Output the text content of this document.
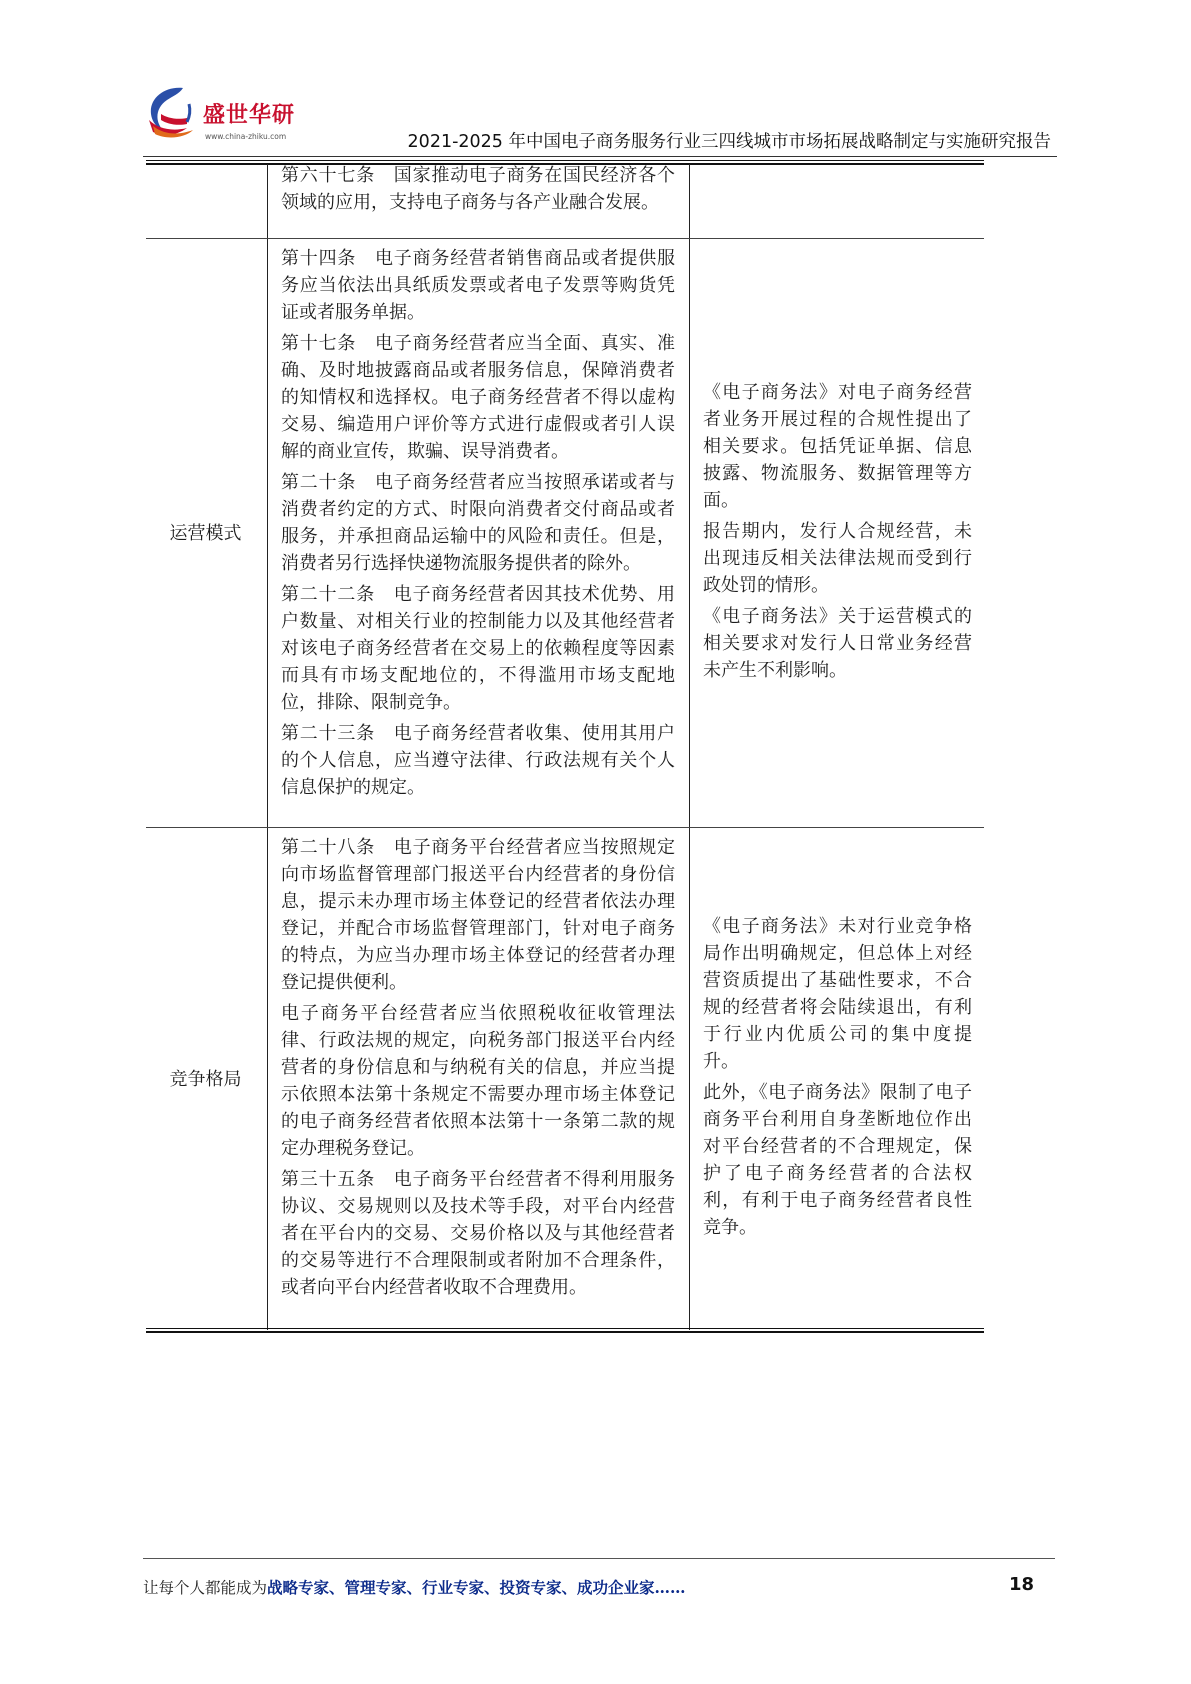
盛世华研
www.china-zhiku.com	2021-2025 年中国电子商务服务行业三四线城市市场拓展战略制定与实施研究报告

第六十七条　国家推动电子商务在国民经济各个领域的应用，支持电子商务与各产业融合发展。

运营模式

第十四条　电子商务经营者销售商品或者提供服务应当依法出具纸质发票或者电子发票等购货凭证或者服务单据。

第十七条　电子商务经营者应当全面、真实、准确、及时地披露商品或者服务信息，保障消费者的知情权和选择权。电子商务经营者不得以虚构交易、编造用户评价等方式进行虚假或者引人误解的商业宣传，欺骗、误导消费者。

第二十条　电子商务经营者应当按照承诺或者与消费者约定的方式、时限向消费者交付商品或者服务，并承担商品运输中的风险和责任。但是，消费者另行选择快递物流服务提供者的除外。

第二十二条　电子商务经营者因其技术优势、用户数量、对相关行业的控制能力以及其他经营者对该电子商务经营者在交易上的依赖程度等因素而具有市场支配地位的，不得滥用市场支配地位，排除、限制竞争。

第二十三条　电子商务经营者收集、使用其用户的个人信息，应当遵守法律、行政法规有关个人信息保护的规定。

《电子商务法》对电子商务经营者业务开展过程的合规性提出了相关要求。包括凭证单据、信息披露、物流服务、数据管理等方面。

报告期内，发行人合规经营，未出现违反相关法律法规而受到行政处罚的情形。

《电子商务法》关于运营模式的相关要求对发行人日常业务经营未产生不利影响。

竞争格局

第二十八条　电子商务平台经营者应当按照规定向市场监督管理部门报送平台内经营者的身份信息，提示未办理市场主体登记的经营者依法办理登记，并配合市场监督管理部门，针对电子商务的特点，为应当办理市场主体登记的经营者办理登记提供便利。

电子商务平台经营者应当依照税收征收管理法律、行政法规的规定，向税务部门报送平台内经营者的身份信息和与纳税有关的信息，并应当提示依照本法第十条规定不需要办理市场主体登记的电子商务经营者依照本法第十一条第二款的规定办理税务登记。

第三十五条　电子商务平台经营者不得利用服务协议、交易规则以及技术等手段，对平台内经营者在平台内的交易、交易价格以及与其他经营者的交易等进行不合理限制或者附加不合理条件，或者向平台内经营者收取不合理费用。

《电子商务法》未对行业竞争格局作出明确规定，但总体上对经营资质提出了基础性要求，不合规的经营者将会陆续退出，有利于行业内优质公司的集中度提升。

此外，《电子商务法》限制了电子商务平台利用自身垄断地位作出对平台经营者的不合理规定，保护了电子商务经营者的合法权利，有利于电子商务经营者良性竞争。

让每个人都能成为战略专家、管理专家、行业专家、投资专家、成功企业家……	18
